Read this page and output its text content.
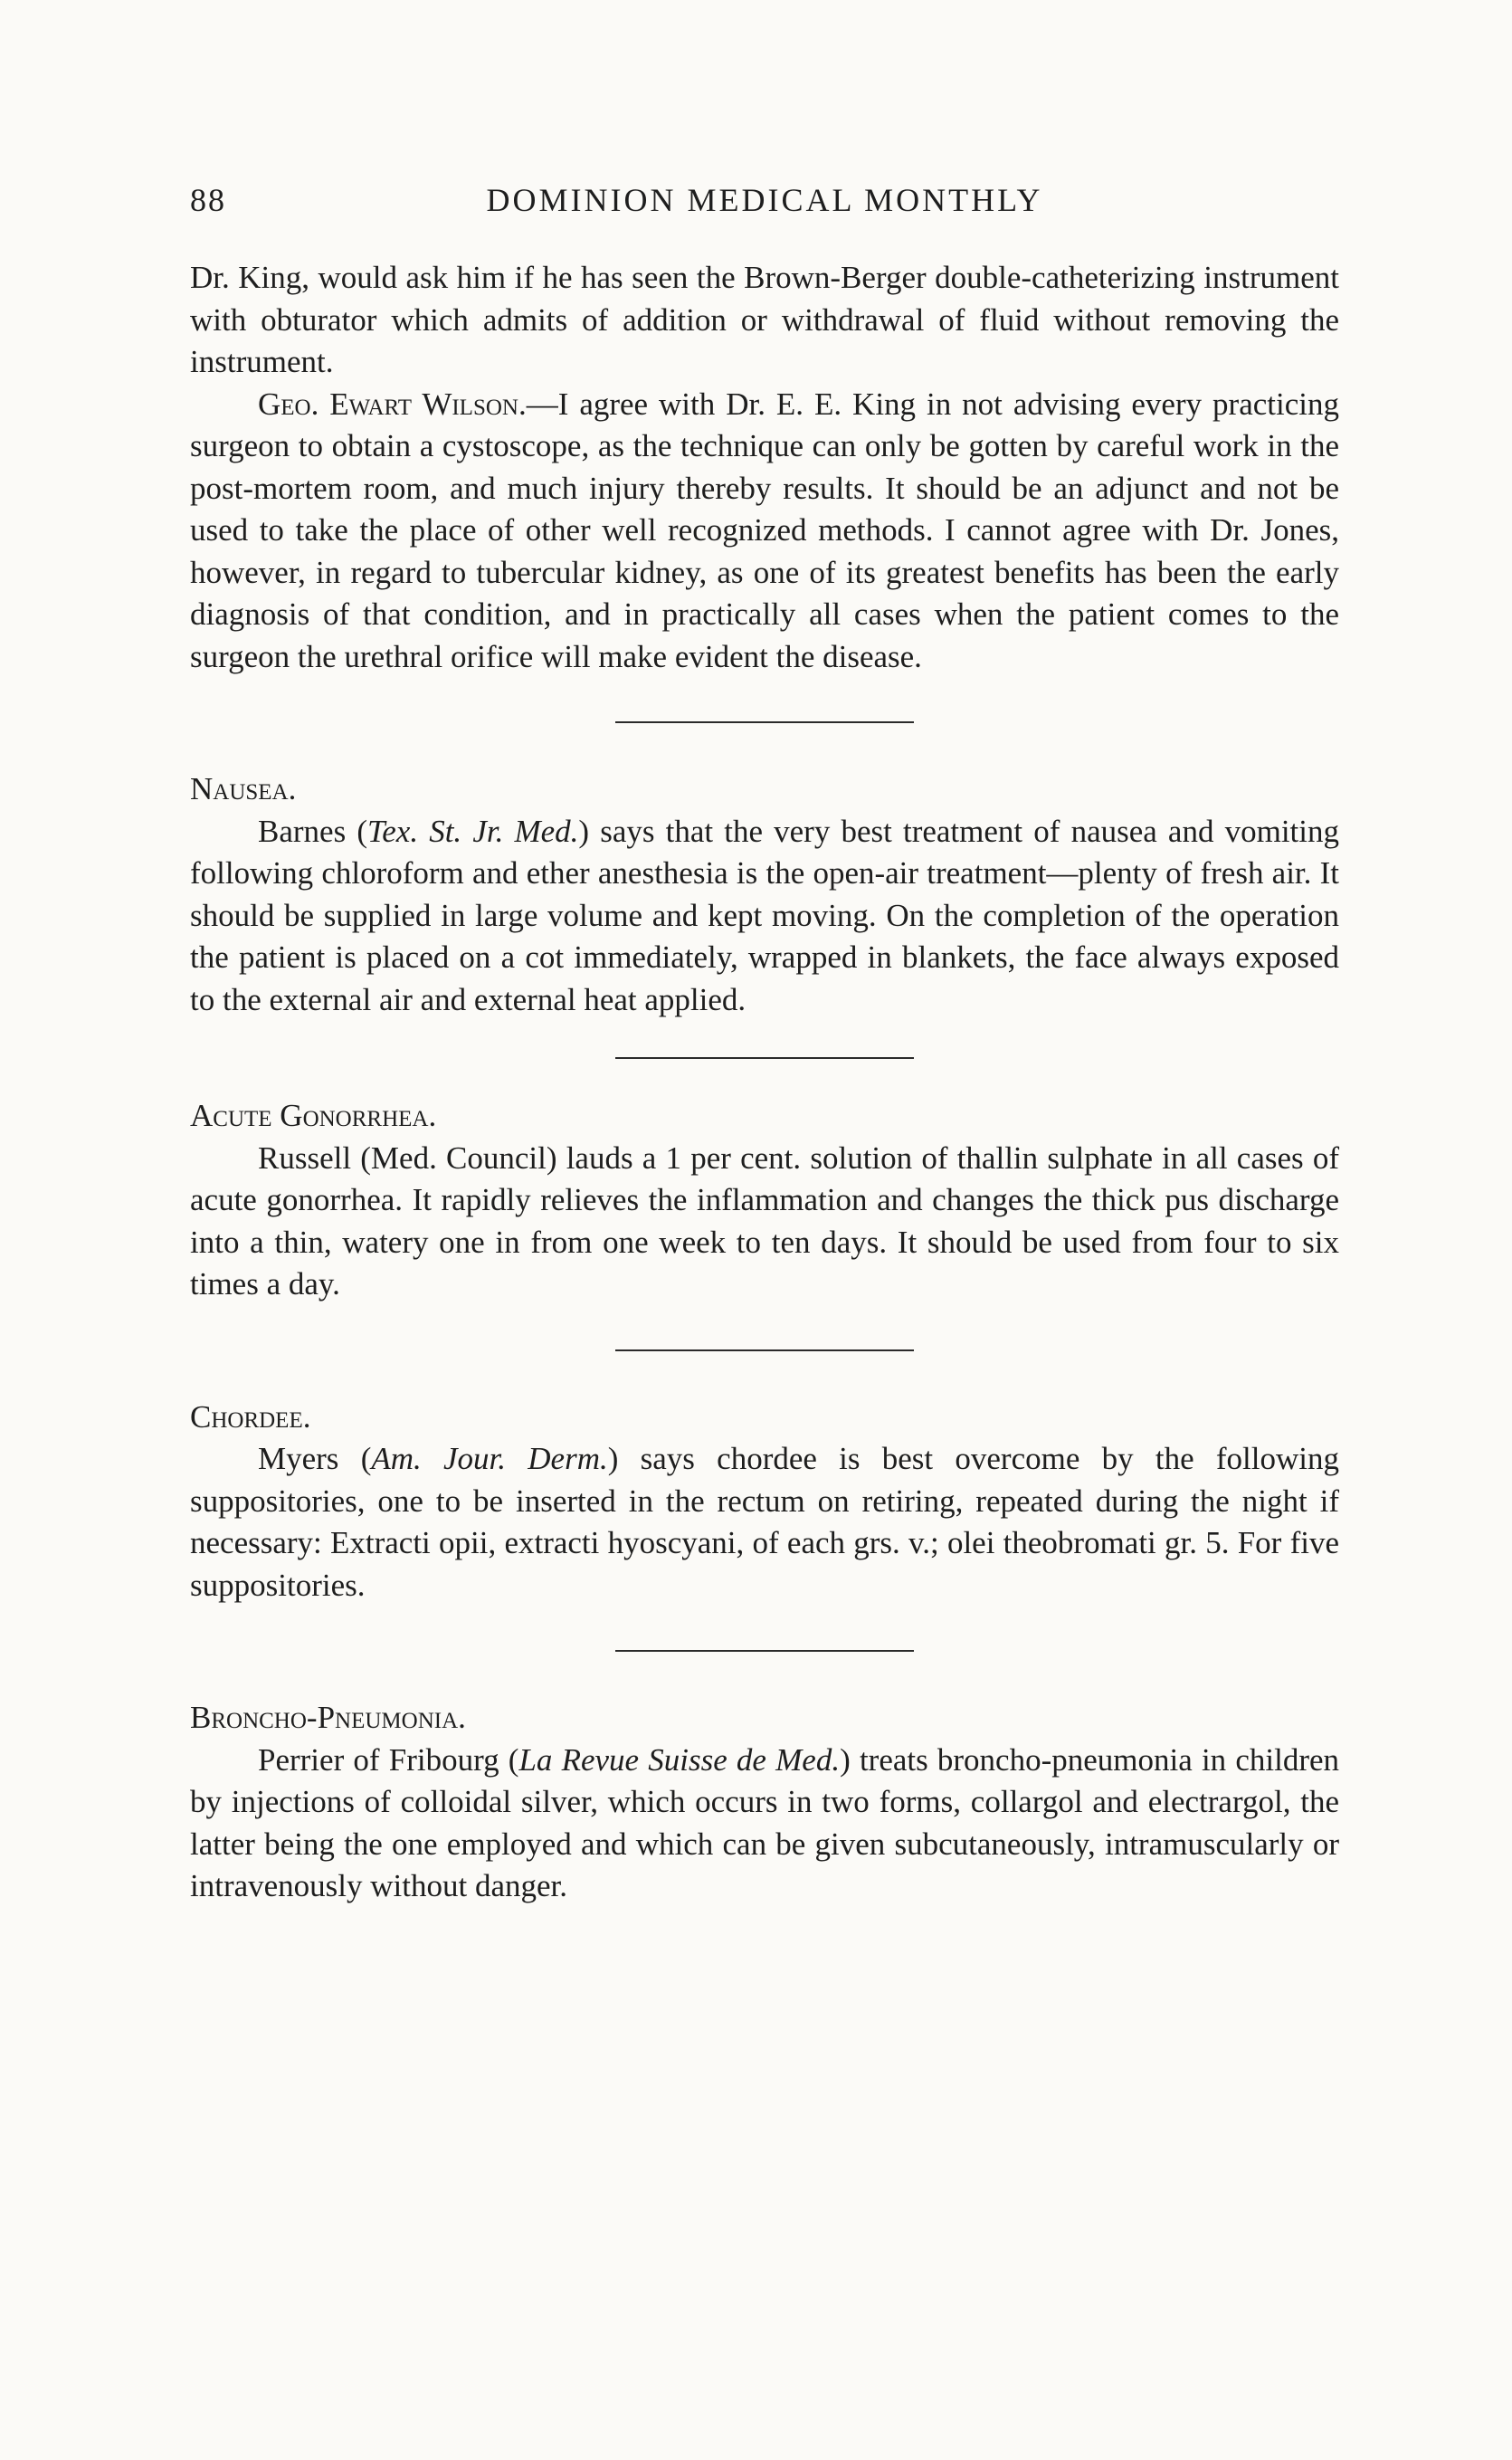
88	DOMINION MEDICAL MONTHLY

Dr. King, would ask him if he has seen the Brown-Berger double-catheterizing instrument with obturator which admits of addition or withdrawal of fluid without removing the instrument.

Geo. Ewart Wilson.—I agree with Dr. E. E. King in not advising every practicing surgeon to obtain a cystoscope, as the technique can only be gotten by careful work in the post-mortem room, and much injury thereby results. It should be an adjunct and not be used to take the place of other well recognized methods. I cannot agree with Dr. Jones, however, in regard to tubercular kidney, as one of its greatest benefits has been the early diagnosis of that condition, and in practically all cases when the patient comes to the surgeon the urethral orifice will make evident the disease.

Nausea.

Barnes (Tex. St. Jr. Med.) says that the very best treatment of nausea and vomiting following chloroform and ether anesthesia is the open-air treatment—plenty of fresh air. It should be supplied in large volume and kept moving. On the completion of the operation the patient is placed on a cot immediately, wrapped in blankets, the face always exposed to the external air and external heat applied.

Acute Gonorrhea.

Russell (Med. Council) lauds a 1 per cent. solution of thallin sulphate in all cases of acute gonorrhea. It rapidly relieves the inflammation and changes the thick pus discharge into a thin, watery one in from one week to ten days. It should be used from four to six times a day.

Chordee.

Myers (Am. Jour. Derm.) says chordee is best overcome by the following suppositories, one to be inserted in the rectum on retiring, repeated during the night if necessary: Extracti opii, extracti hyoscyani, of each grs. v.; olei theobromati gr. 5. For five suppositories.

Broncho-Pneumonia.

Perrier of Fribourg (La Revue Suisse de Med.) treats broncho-pneumonia in children by injections of colloidal silver, which occurs in two forms, collargol and electrargol, the latter being the one employed and which can be given subcutaneously, intramuscularly or intravenously without danger.
